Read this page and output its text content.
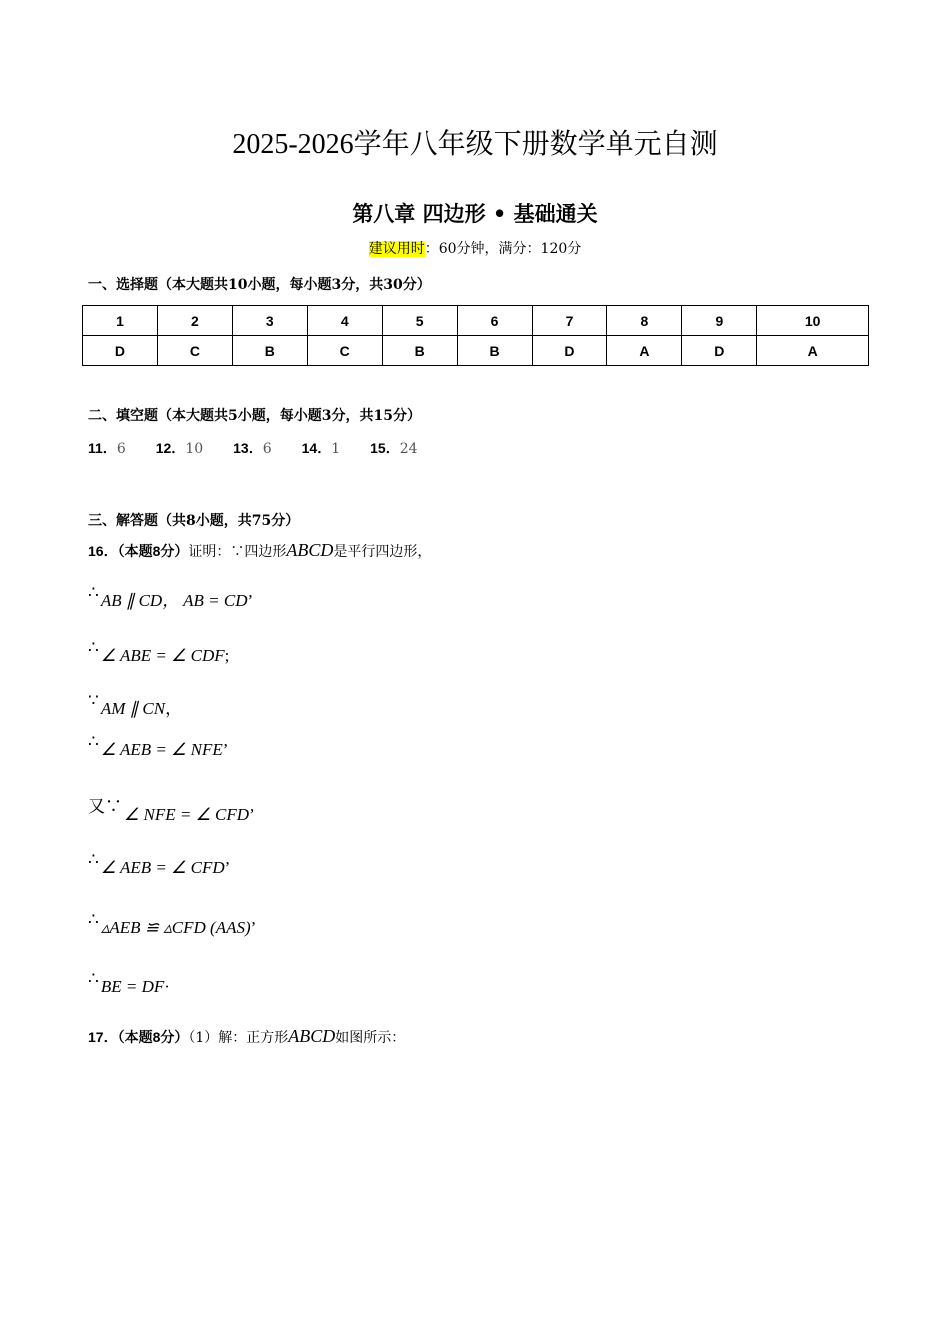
2025-2026学年八年级下册数学单元自测
第八章 四边形 • 基础通关
建议用时：60分钟，满分：120分
一、选择题（本大题共10小题，每小题3分，共30分）
1	2	3	4	5	6	7	8	9	10
D	C	B	C	B	B	D	A	D	A
二、填空题（本大题共5小题，每小题3分，共15分）
11．6 12．10 13．6 14．1 15．24
三、解答题（共8小题，共75分）
16．（本题8分）证明：∵四边形ABCD是平行四边形，
∴ AB ∥ CD， AB = CD’
∴ ∠ ABE = ∠ CDF;
∵ AM ∥ CN，
∴ ∠ AEB = ∠ NFE’
又∵ ∠ NFE = ∠ CFD’
∴ ∠ AEB = ∠ CFD’
∴ ▵AEB ≌ ▵CFD (AAS)’
∴ BE = DF·
17．（本题8分）（1）解：正方形ABCD如图所示：
